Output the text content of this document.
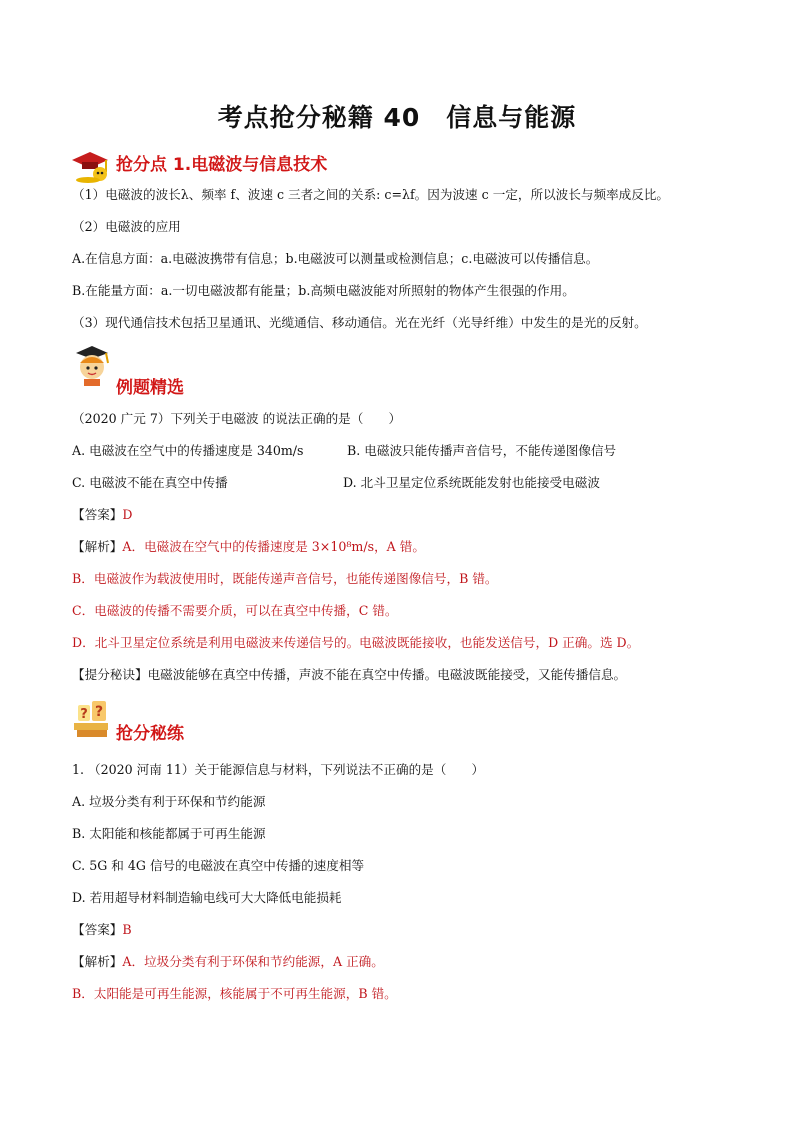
考点抢分秘籍 40　信息与能源
抢分点 1.电磁波与信息技术
（1）电磁波的波长λ、频率 f、波速 c 三者之间的关系: c=λf。因为波速 c 一定，所以波长与频率成反比。
（2）电磁波的应用
A.在信息方面：a.电磁波携带有信息；b.电磁波可以测量或检测信息；c.电磁波可以传播信息。
B.在能量方面：a.一切电磁波都有能量；b.高频电磁波能对所照射的物体产生很强的作用。
（3）现代通信技术包括卫星通讯、光缆通信、移动通信。光在光纤（光导纤维）中发生的是光的反射。
例题精选
（2020 广元 7）下列关于电磁波 的说法正确的是（　　）
A. 电磁波在空气中的传播速度是 340m/s	B. 电磁波只能传播声音信号，不能传递图像信号
C. 电磁波不能在真空中传播	D. 北斗卫星定位系统既能发射也能接受电磁波
【答案】D
【解析】A．电磁波在空气中的传播速度是 3×10⁸m/s，A 错。
B．电磁波作为载波使用时，既能传递声音信号，也能传递图像信号，B 错。
C．电磁波的传播不需要介质，可以在真空中传播，C 错。
D．北斗卫星定位系统是利用电磁波来传递信号的。电磁波既能接收，也能发送信号，D 正确。选 D。
【提分秘诀】电磁波能够在真空中传播，声波不能在真空中传播。电磁波既能接受，又能传播信息。
? ?
抢分秘练
1. （2020 河南 11）关于能源信息与材料，下列说法不正确的是（　　）
A. 垃圾分类有利于环保和节约能源
B. 太阳能和核能都属于可再生能源
C. 5G 和 4G 信号的电磁波在真空中传播的速度相等
D. 若用超导材料制造输电线可大大降低电能损耗
【答案】B
【解析】A．垃圾分类有利于环保和节约能源，A 正确。
B．太阳能是可再生能源，核能属于不可再生能源，B 错。
